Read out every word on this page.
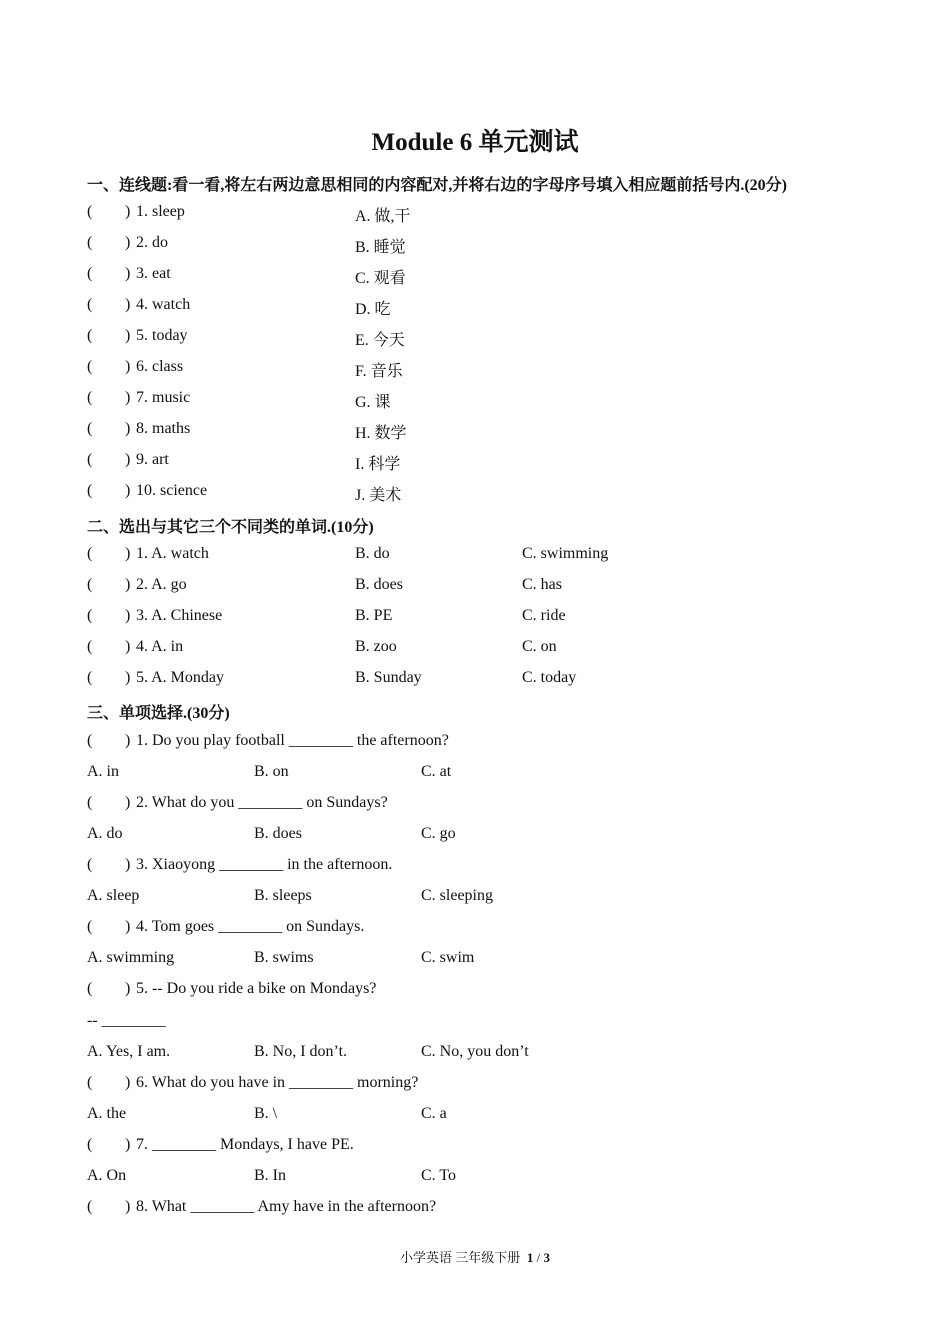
Module 6 单元测试
一、连线题:看一看,将左右两边意思相同的内容配对,并将右边的字母序号填入相应题前括号内.(20分)
1. sleep	A. 做,干
2. do	B. 睡觉
3. eat	C. 观看
4. watch	D. 吃
5. today	E. 今天
6. class	F. 音乐
7. music	G. 课
8. maths	H. 数学
9. art	I. 科学
10. science	J. 美术
二、选出与其它三个不同类的单词.(10分)
1. A. watch	B. do	C. swimming
2. A. go	B. does	C. has
3. A. Chinese	B. PE	C. ride
4. A. in	B. zoo	C. on
5. A. Monday	B. Sunday	C. today
三、单项选择.(30分)
1. Do you play football ________ the afternoon?
A. in	B. on	C. at
2. What do you ________ on Sundays?
A. do	B. does	C. go
3. Xiaoyong ________ in the afternoon.
A. sleep	B. sleeps	C. sleeping
4. Tom goes ________ on Sundays.
A. swimming	B. swims	C. swim
5. -- Do you ride a bike on Mondays?
-- ________
A. Yes, I am.	B. No, I don’t.	C. No, you don’t
6. What do you have in ________ morning?
A. the	B. \	C. a
7. ________ Mondays, I have PE.
A. On	B. In	C. To
8. What ________ Amy have in the afternoon?
小学英语 三年级下册 1 / 3
